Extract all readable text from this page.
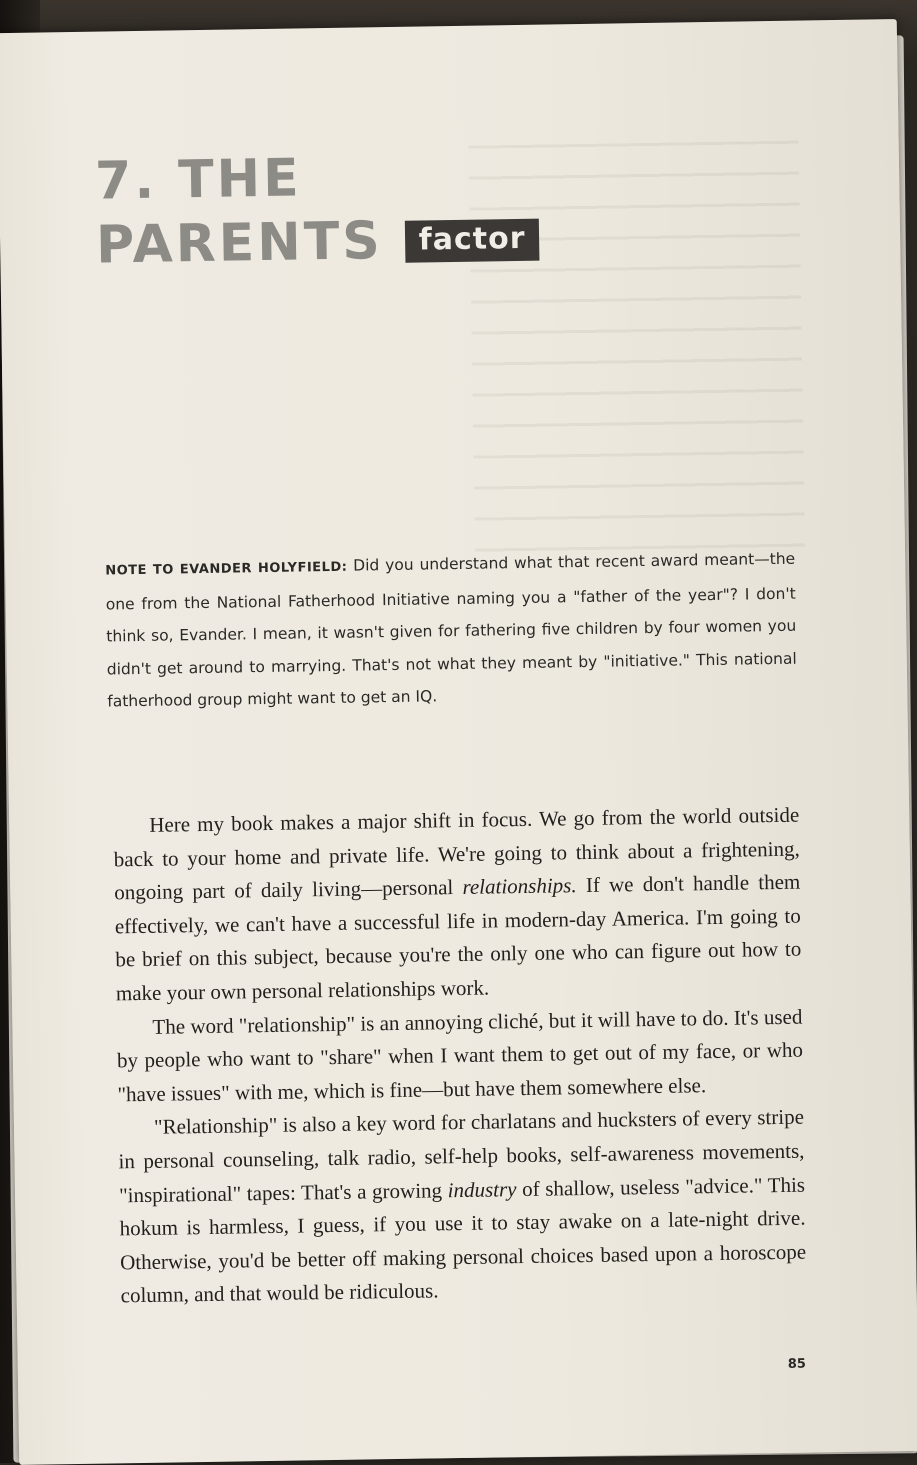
7. THE
PARENTS factor
NOTE TO EVANDER HOLYFIELD: Did you understand what that recent award meant—the one from the National Fatherhood Initiative naming you a "father of the year"? I don't think so, Evander. I mean, it wasn't given for fathering five children by four women you didn't get around to marrying. That's not what they meant by "initiative." This national fatherhood group might want to get an IQ.

Here my book makes a major shift in focus. We go from the world outside back to your home and private life. We're going to think about a frightening, ongoing part of daily living—personal relationships. If we don't handle them effectively, we can't have a successful life in modern-day America. I'm going to be brief on this subject, because you're the only one who can figure out how to make your own personal relationships work.

The word "relationship" is an annoying cliché, but it will have to do. It's used by people who want to "share" when I want them to get out of my face, or who "have issues" with me, which is fine—but have them somewhere else.

"Relationship" is also a key word for charlatans and hucksters of every stripe in personal counseling, talk radio, self-help books, self-awareness movements, "inspirational" tapes: That's a growing industry of shallow, useless "advice." This hokum is harmless, I guess, if you use it to stay awake on a late-night drive. Otherwise, you'd be better off making personal choices based upon a horoscope column, and that would be ridiculous.

85
